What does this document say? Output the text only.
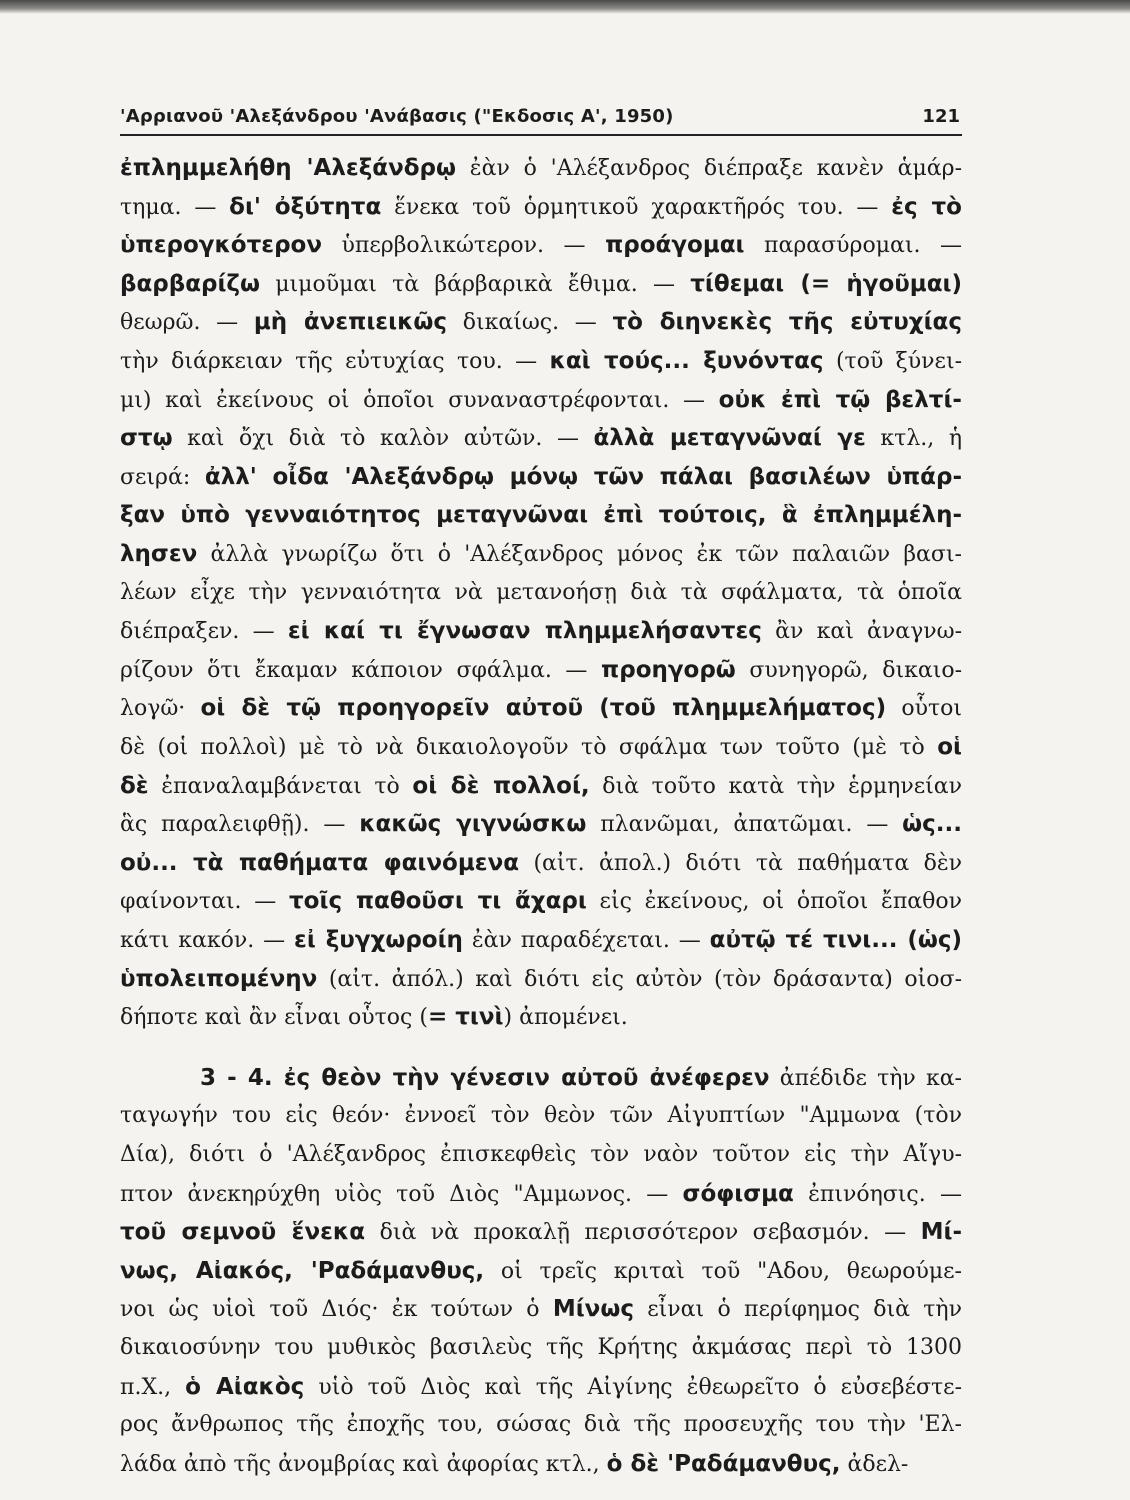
'Αρριανοῦ 'Αλεξάνδρου 'Ανάβασις ("Εκδοσις Α', 1950)	121
ἐπλημμελήθη 'Αλεξάνδρῳ ἐὰν ὁ 'Αλέξανδρος διέπραξε κανὲν ἁμάρ-
τημα. — δι' ὀξύτητα ἕνεκα τοῦ ὁρμητικοῦ χαρακτῆρός του. — ἐς τὸ
ὑπερογκότερον ὑπερβολικώτερον. — προάγομαι παρασύρομαι. —
βαρβαρίζω μιμοῦμαι τὰ βάρβαρικὰ ἔθιμα. — τίθεμαι (= ἡγοῦμαι)
θεωρῶ. — μὴ ἀνεπιεικῶς δικαίως. — τὸ διηνεκὲς τῆς εὐτυχίας
τὴν διάρκειαν τῆς εὐτυχίας του. — καὶ τούς... ξυνόντας (τοῦ ξύνει-
μι) καὶ ἐκείνους οἱ ὁποῖοι συναναστρέφονται. — οὐκ ἐπὶ τῷ βελτί-
στῳ καὶ ὄχι διὰ τὸ καλὸν αὐτῶν. — ἀλλὰ μεταγνῶναί γε κτλ., ἡ
σειρά: ἀλλ' οἶδα 'Αλεξάνδρῳ μόνῳ τῶν πάλαι βασιλέων ὑπάρ-
ξαν ὑπὸ γενναιότητος μεταγνῶναι ἐπὶ τούτοις, ἃ ἐπλημμέλη-
λησεν ἀλλὰ γνωρίζω ὅτι ὁ 'Αλέξανδρος μόνος ἐκ τῶν παλαιῶν βασι-
λέων εἶχε τὴν γενναιότητα νὰ μετανοήσῃ διὰ τὰ σφάλματα, τὰ ὁποῖα
διέπραξεν. — εἰ καί τι ἔγνωσαν πλημμελήσαντες ἂν καὶ ἀναγνω-
ρίζουν ὅτι ἔκαμαν κάποιον σφάλμα. — προηγορῶ συνηγορῶ, δικαιο-
λογῶ· οἱ δὲ τῷ προηγορεῖν αὐτοῦ (τοῦ πλημμελήματος) οὗτοι
δὲ (οἱ πολλοὶ) μὲ τὸ νὰ δικαιολογοῦν τὸ σφάλμα των τοῦτο (μὲ τὸ οἱ
δὲ ἐπαναλαμβάνεται τὸ οἱ δὲ πολλοί, διὰ τοῦτο κατὰ τὴν ἑρμηνείαν
ἃς παραλειφθῇ). — κακῶς γιγνώσκω πλανῶμαι, ἀπατῶμαι. — ὡς...
οὐ... τὰ παθήματα φαινόμενα (αἰτ. ἀπολ.) διότι τὰ παθήματα δὲν
φαίνονται. — τοῖς παθοῦσι τι ἄχαρι εἰς ἐκείνους, οἱ ὁποῖοι ἔπαθον
κάτι κακόν. — εἰ ξυγχωροίη ἐὰν παραδέχεται. — αὐτῷ τέ τινι... (ὡς)
ὑπολειπομένην (αἰτ. ἀπόλ.) καὶ διότι εἰς αὐτὸν (τὸν δράσαντα) οἰοσ-
δήποτε καὶ ἂν εἶναι οὗτος (= τινὶ) ἀπομένει.
3 - 4. ἐς θεὸν τὴν γένεσιν αὐτοῦ ἀνέφερεν ἀπέδιδε τὴν κα-
ταγωγήν του εἰς θεόν· ἐννοεῖ τὸν θεὸν τῶν Αἰγυπτίων "Αμμωνα (τὸν
Δία), διότι ὁ 'Αλέξανδρος ἐπισκεφθεὶς τὸν ναὸν τοῦτον εἰς τὴν Αἴγυ-
πτον ἀνεκηρύχθη υἱὸς τοῦ Διὸς "Αμμωνος. — σόφισμα ἐπινόησις. —
τοῦ σεμνοῦ ἕνεκα διὰ νὰ προκαλῇ περισσότερον σεβασμόν. — Μί-
νως, Αἰακός, 'Ραδάμανθυς, οἱ τρεῖς κριταὶ τοῦ "Αδου, θεωρούμε-
νοι ὡς υἱοὶ τοῦ Διός· ἐκ τούτων ὁ Μίνως εἶναι ὁ περίφημος διὰ τὴν
δικαιοσύνην του μυθικὸς βασιλεὺς τῆς Κρήτης ἀκμάσας περὶ τὸ 1300
π.Χ., ὁ Αἰακὸς υἱὸ τοῦ Διὸς καὶ τῆς Αἰγίνης ἐθεωρεῖτο ὁ εὐσεβέστε-
ρος ἄνθρωπος τῆς ἐποχῆς του, σώσας διὰ τῆς προσευχῆς του τὴν 'Ελ-
λάδα ἀπὸ τῆς ἀνομβρίας καὶ ἀφορίας κτλ., ὁ δὲ 'Ραδάμανθυς, ἀδελ-
